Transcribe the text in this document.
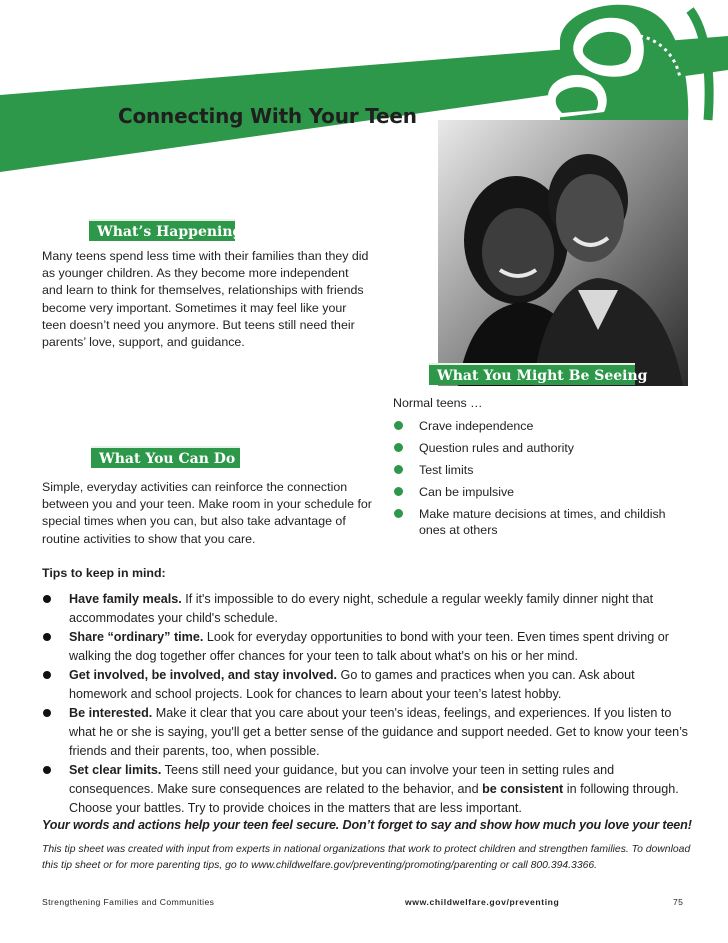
Connecting With Your Teen
What’s Happening
Many teens spend less time with their families than they did as younger children. As they become more independent and learn to think for themselves, relationships with friends become very important. Sometimes it may feel like your teen doesn’t need you anymore. But teens still need their parents’ love, support, and guidance.
What You Might Be Seeing
Normal teens …
Crave independence
Question rules and authority
Test limits
Can be impulsive
Make mature decisions at times, and childish ones at others
What You Can Do
Simple, everyday activities can reinforce the connection between you and your teen. Make room in your schedule for special times when you can, but also take advantage of routine activities to show that you care.
Tips to keep in mind:
Have family meals. If it's impossible to do every night, schedule a regular weekly family dinner night that accommodates your child's schedule.
Share “ordinary” time. Look for everyday opportunities to bond with your teen. Even times spent driving or walking the dog together offer chances for your teen to talk about what's on his or her mind.
Get involved, be involved, and stay involved. Go to games and practices when you can. Ask about homework and school projects. Look for chances to learn about your teen’s latest hobby.
Be interested. Make it clear that you care about your teen's ideas, feelings, and experiences. If you listen to what he or she is saying, you'll get a better sense of the guidance and support needed. Get to know your teen’s friends and their parents, too, when possible.
Set clear limits. Teens still need your guidance, but you can involve your teen in setting rules and consequences. Make sure consequences are related to the behavior, and be consistent in following through. Choose your battles. Try to provide choices in the matters that are less important.
Your words and actions help your teen feel secure. Don’t forget to say and show how much you love your teen!
This tip sheet was created with input from experts in national organizations that work to protect children and strengthen families. To download this tip sheet or for more parenting tips, go to www.childwelfare.gov/preventing/promoting/parenting or call 800.394.3366.
Strengthening Families and Communities	www.childwelfare.gov/preventing	75
